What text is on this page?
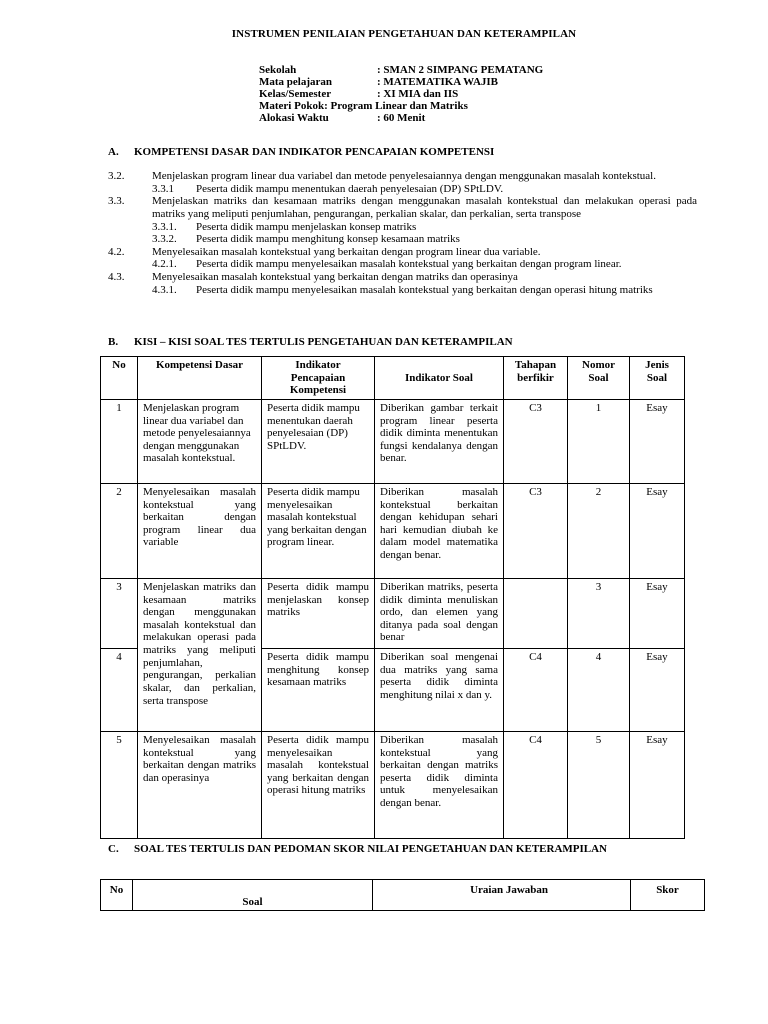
INSTRUMEN PENILAIAN PENGETAHUAN DAN KETERAMPILAN
Sekolah	: SMAN 2 SIMPANG PEMATANG
Mata pelajaran	: MATEMATIKA WAJIB
Kelas/Semester	: XI MIA dan IIS
Materi Pokok: Program Linear dan Matriks
Alokasi Waktu	: 60 Menit
A. KOMPETENSI DASAR DAN INDIKATOR PENCAPAIAN KOMPETENSI
3.2.	Menjelaskan program linear dua variabel dan metode penyelesaiannya dengan menggunakan masalah kontekstual.
3.3.1	Peserta didik mampu menentukan daerah penyelesaian (DP) SPtLDV.
3.3.	Menjelaskan matriks dan kesamaan matriks dengan menggunakan masalah kontekstual dan melakukan operasi pada matriks yang meliputi penjumlahan, pengurangan, perkalian skalar, dan perkalian, serta transpose
3.3.1.	Peserta didik mampu menjelaskan konsep matriks
3.3.2.	Peserta didik mampu menghitung konsep kesamaan matriks
4.2.	Menyelesaikan masalah kontekstual yang berkaitan dengan program linear dua variable.
4.2.1.	Peserta didik mampu menyelesaikan masalah kontekstual yang berkaitan dengan program linear.
4.3.	Menyelesaikan masalah kontekstual yang berkaitan dengan matriks dan operasinya
4.3.1.	Peserta didik mampu menyelesaikan masalah kontekstual yang berkaitan dengan operasi hitung matriks
B. KISI – KISI SOAL TES TERTULIS PENGETAHUAN DAN KETERAMPILAN
No	Kompetensi Dasar	Indikator Pencapaian Kompetensi	Indikator Soal	Tahapan berfikir	Nomor Soal	Jenis Soal
1	Menjelaskan program linear dua variabel dan metode penyelesaiannya dengan menggunakan masalah kontekstual.	Peserta didik mampu menentukan daerah penyelesaian (DP) SPtLDV.	Diberikan gambar terkait program linear peserta didik diminta menentukan fungsi kendalanya dengan benar.	C3	1	Esay
2	Menyelesaikan masalah kontekstual yang berkaitan dengan program linear dua variable	Peserta didik mampu menyelesaikan masalah kontekstual yang berkaitan dengan program linear.	Diberikan masalah kontekstual berkaitan dengan kehidupan sehari hari kemudian diubah ke dalam model matematika dengan benar.	C3	2	Esay
3	Menjelaskan matriks dan kesamaan matriks dengan menggunakan masalah kontekstual dan melakukan operasi pada matriks yang meliputi penjumlahan, pengurangan, perkalian skalar, dan perkalian, serta transpose	Peserta didik mampu menjelaskan konsep matriks	Diberikan matriks, peserta didik diminta menuliskan ordo, dan elemen yang ditanya pada soal dengan benar		3	Esay
4		Peserta didik mampu menghitung konsep kesamaan matriks	Diberikan soal mengenai dua matriks yang sama peserta didik diminta menghitung nilai x dan y.	C4	4	Esay
5	Menyelesaikan masalah kontekstual yang berkaitan dengan matriks dan operasinya	Peserta didik mampu menyelesaikan masalah kontekstual yang berkaitan dengan operasi hitung matriks	Diberikan masalah kontekstual yang berkaitan dengan matriks peserta didik diminta untuk menyelesaikan dengan benar.	C4	5	Esay
C. SOAL TES TERTULIS DAN PEDOMAN SKOR NILAI PENGETAHUAN DAN KETERAMPILAN
No	Soal	Uraian Jawaban	Skor
